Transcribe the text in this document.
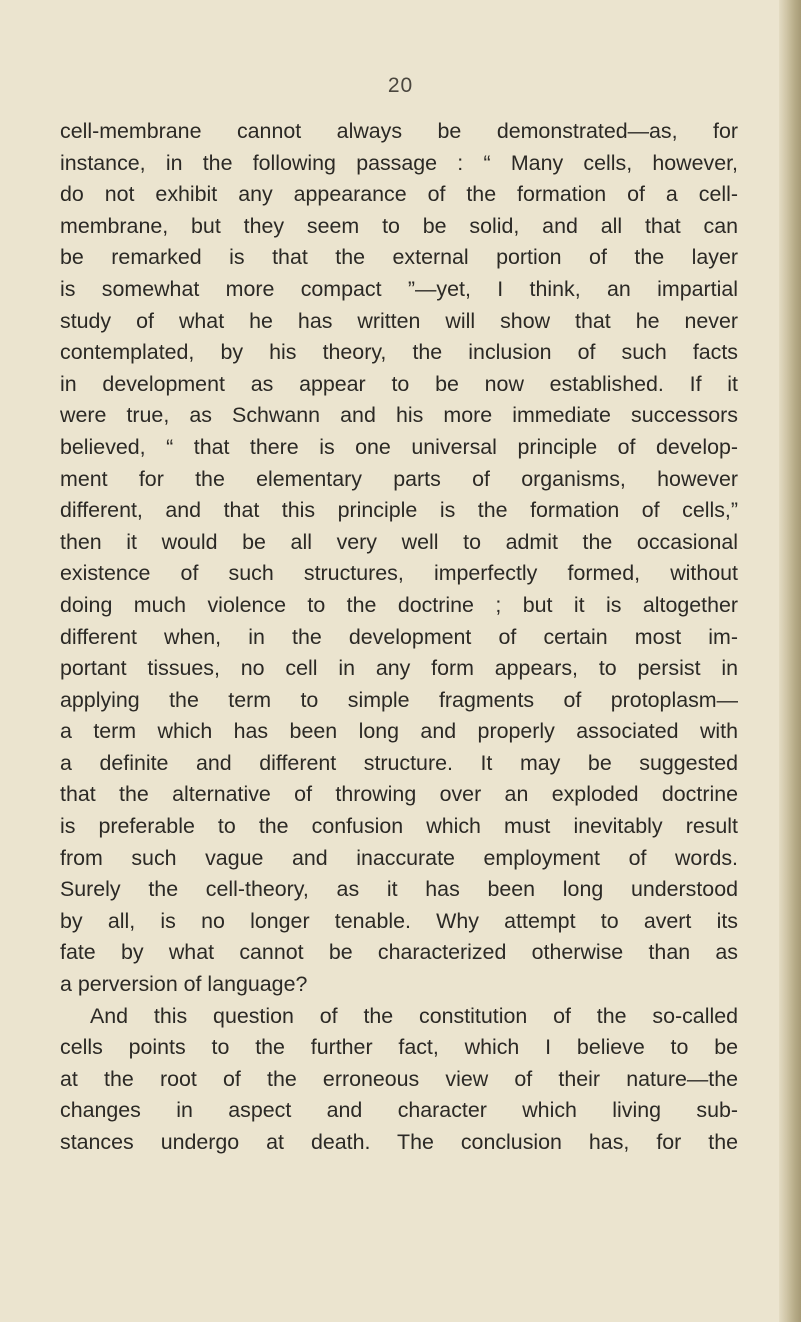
20
cell-membrane cannot always be demonstrated—as, for
instance, in the following passage : “ Many cells, however,
do not exhibit any appearance of the formation of a cell-
membrane, but they seem to be solid, and all that can
be remarked is that the external portion of the layer
is somewhat more compact ”—yet, I think, an impartial
study of what he has written will show that he never
contemplated, by his theory, the inclusion of such facts
in development as appear to be now established. If it
were true, as Schwann and his more immediate successors
believed, “ that there is one universal principle of develop-
ment for the elementary parts of organisms, however
different, and that this principle is the formation of cells,”
then it would be all very well to admit the occasional
existence of such structures, imperfectly formed, without
doing much violence to the doctrine ; but it is altogether
different when, in the development of certain most im-
portant tissues, no cell in any form appears, to persist in
applying the term to simple fragments of protoplasm—
a term which has been long and properly associated with
a definite and different structure. It may be suggested
that the alternative of throwing over an exploded doctrine
is preferable to the confusion which must inevitably result
from such vague and inaccurate employment of words.
Surely the cell-theory, as it has been long understood
by all, is no longer tenable. Why attempt to avert its
fate by what cannot be characterized otherwise than as
a perversion of language?
And this question of the constitution of the so-called
cells points to the further fact, which I believe to be
at the root of the erroneous view of their nature—the
changes in aspect and character which living sub-
stances undergo at death. The conclusion has, for the
